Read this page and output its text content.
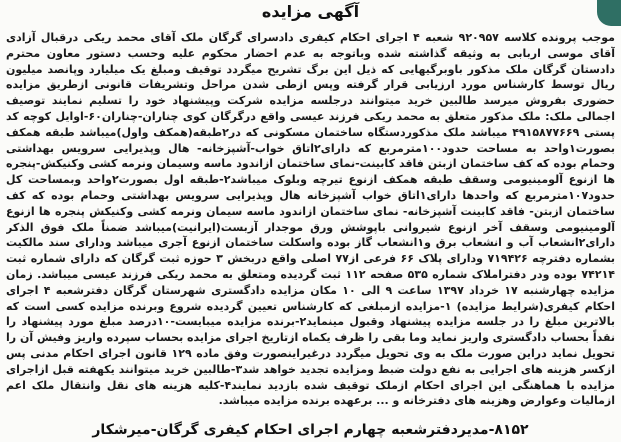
آگهی مزایده
موجب پرونده کلاسه ۹۲۰۹۵۷ شعبه ۴ اجرای احکام کیفری دادسرای گرگان ملک آقای محمد ریکی درقبال آزادی آقای موسی اربابی به وثیقه گذاشته شده وباتوجه به عدم احضار محکوم علیه وحسب دستور معاون محترم دادستان گرگان ملک مذکور باوبرگیهایی که ذیل این برگ تشریح میگردد توقیف ومبلغ یک میلیارد وپانصد میلیون ریال توسط کارشناس مورد ارزیابی قرار گرفته وپس ازطی شدن مراحل وتشریفات قانونی ازطریق مزایده حضوری بفروش میرسد طالبین خرید میتوانند درجلسه مزایده شرکت وپیشنهاد خود را تسلیم نمایند توصیف اجمالی ملک: ملک مذکور متعلق به محمد ریکی فرزند عیسی واقع درگرگان کوی چناران-چناران۶۰-اوایل کوچه کد پستی ۴۹۱۵۸۷۷۶۶۹ میباشد ملک مذکوردستگاه ساختمان مسکونی که در۲طبقه(همکف واول)میباشد طبقه همکف بصورت۱واحد به مساحت حدود۱۰۰مترمربع که دارای۲اتاق خواب-آشپزخانه- هال وپذیرایی سرویس بهداشتی وحمام بوده که کف ساختمان ازبتن فاقد کابینت-نمای ساختمان ازاندود ماسه وسیمان ونرمه کشی وکنیکش-پنجره ها ازنوع آلومینیومی وسقف طبقه همکف ازنوع تیرچه وبلوک میباشد۲-طبقه اول بصورت۲واحد وبمساحت کل حدود۱۰۷مترمربع که واحدها دارای۱اتاق خواب آشپزخانه هال وپذیرایی سرویس بهداشتی وحمام بوده که کف ساختمان ازبتن- فاقد کابینت آشپزخانه- نمای ساختمان ازاندود ماسه سیمان ونرمه کشی وکنیکش پنجره ها ازنوع آلومینیومی وسقف آخر ازنوع شیروانی باپوشش ورق موجدار آزبست(ایرانیت)میباشد ضمناً ملک فوق الذکر دارای۲انشعاب آب و انشعاب برق و۱انشعاب گاز بوده واسکلت ساختمان ازنوع آجری میباشد ودارای سند مالکیت بشماره دفترچه ۷۱۹۴۲۶ ودارای پلاک ۶۶ فرعی از۷۷ اصلی واقع دربخش ۳ حوزه ثبت گرگان که دارای شماره ثبت ۷۴۲۱۴ بوده ودر دفتراملاک شماره ۵۳۵ صفحه ۱۱۲ ثبت گردیده ومتعلق به محمد ریکی فرزند عیسی میباشد. زمان مزایده چهارشنبه ۱۷ خرداد ۱۳۹۷ ساعت ۹ الی ۱۰ مکان مزایده دادگستری شهرستان گرگان دفترشعبه ۴ اجرای احکام کیفری(شرایط مزایده) ۱-مزایده ازمبلغی که کارشناس تعیین گردیده شروع وبرنده مزایده کسی است که بالاترین مبلغ را در جلسه مزایده پیشنهاد وقبول مینماید۲-برنده مزایده میبایست-۱۰درصد مبلغ مورد پیشنهاد را نقداً بحساب دادگستری واریز نماید وما بقی را ظرف یکماه ازتاریخ اجرای مزایده بحساب سپرده واریز وفیش آن را تحویل نماید دراین صورت ملک به وی تحویل میگردد درغیراینصورت وفق ماده ۱۲۹ قانون اجرای احکام مدنی پس ازکسر هزینه های اجرایی به نفع دولت ضبط ومزایده تجدید خواهد شد۳-طالبین خرید میتوانند یکهفته قبل ازاجرای مزایده با هماهنگی این اجرای احکام ازملک توقیف شده بازدید نمایند۴-کلیه هزینه های نقل وانتقال ملک اعم ازمالیات وعوارض وهزینه های دفترخانه و ... برعهده برنده مزایده میباشد.
۸۱۵۲-مدیردفترشعبه چهارم اجرای احکام کیفری گرگان-میرشکار
